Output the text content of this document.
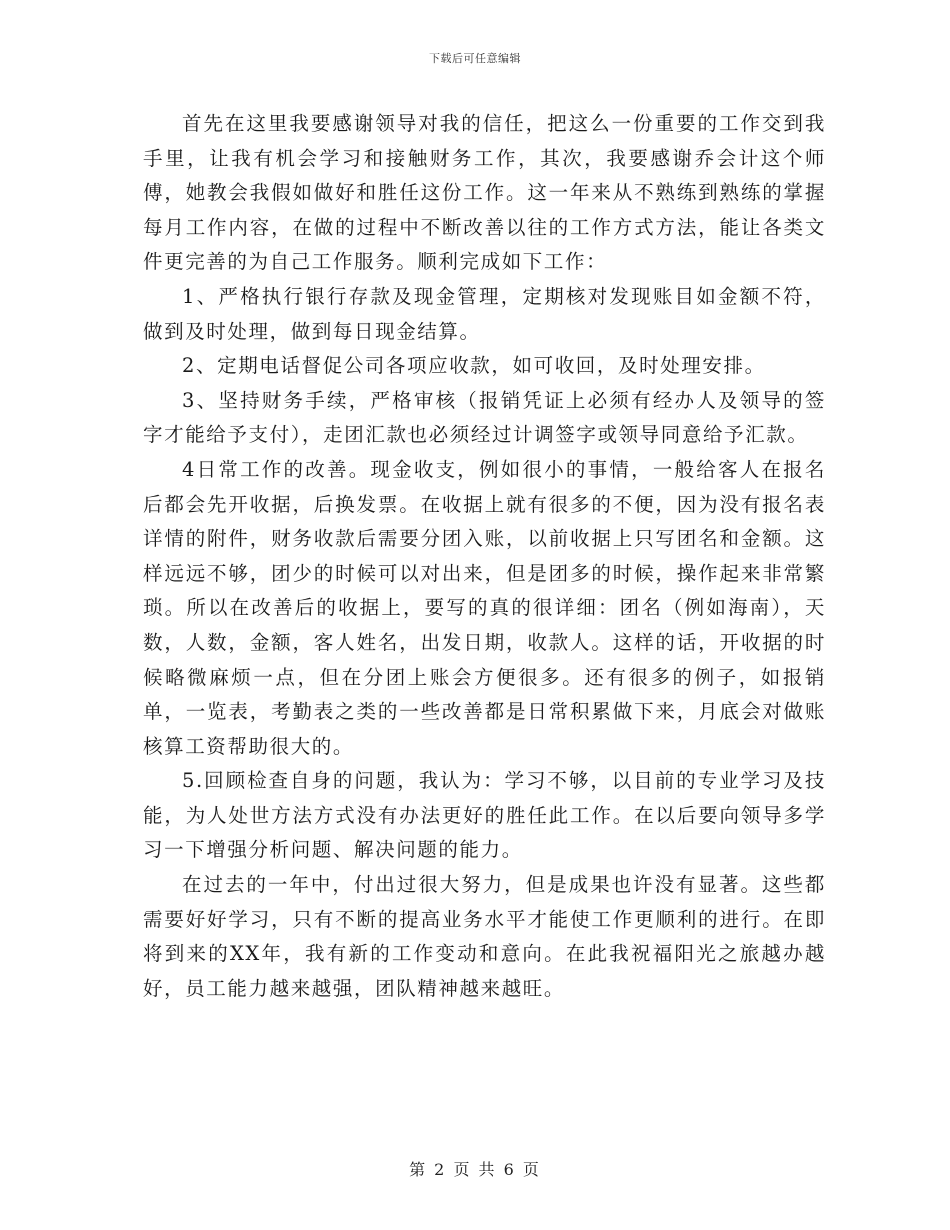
下载后可任意编辑

首先在这里我要感谢领导对我的信任，把这么一份重要的工作交到我手里，让我有机会学习和接触财务工作，其次，我要感谢乔会计这个师傅，她教会我假如做好和胜任这份工作。这一年来从不熟练到熟练的掌握每月工作内容，在做的过程中不断改善以往的工作方式方法，能让各类文件更完善的为自己工作服务。顺利完成如下工作：

1、严格执行银行存款及现金管理，定期核对发现账目如金额不符，做到及时处理，做到每日现金结算。

2、定期电话督促公司各项应收款，如可收回，及时处理安排。

3、坚持财务手续，严格审核（报销凭证上必须有经办人及领导的签字才能给予支付），走团汇款也必须经过计调签字或领导同意给予汇款。

4日常工作的改善。现金收支，例如很小的事情，一般给客人在报名后都会先开收据，后换发票。在收据上就有很多的不便，因为没有报名表详情的附件，财务收款后需要分团入账，以前收据上只写团名和金额。这样远远不够，团少的时候可以对出来，但是团多的时候，操作起来非常繁琐。所以在改善后的收据上，要写的真的很详细：团名（例如海南），天数，人数，金额，客人姓名，出发日期，收款人。这样的话，开收据的时候略微麻烦一点，但在分团上账会方便很多。还有很多的例子，如报销单，一览表，考勤表之类的一些改善都是日常积累做下来，月底会对做账核算工资帮助很大的。

5.回顾检查自身的问题，我认为：学习不够，以目前的专业学习及技能，为人处世方法方式没有办法更好的胜任此工作。在以后要向领导多学习一下增强分析问题、解决问题的能力。

在过去的一年中，付出过很大努力，但是成果也许没有显著。这些都需要好好学习，只有不断的提高业务水平才能使工作更顺利的进行。在即将到来的XX年，我有新的工作变动和意向。在此我祝福阳光之旅越办越好，员工能力越来越强，团队精神越来越旺。

第 2 页 共 6 页
